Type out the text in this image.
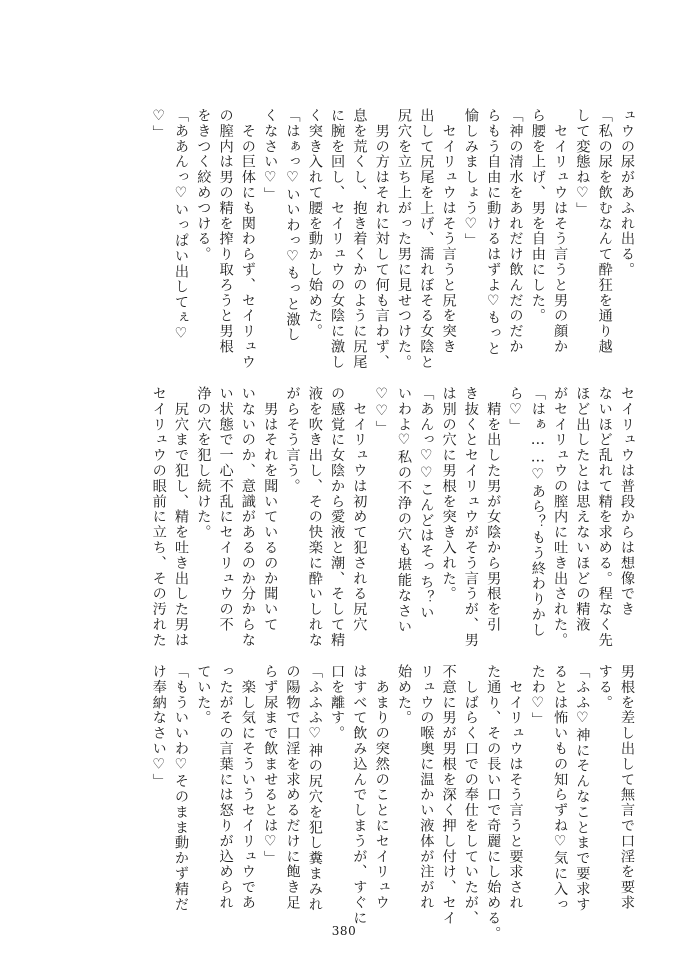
ュウの尿があふれ出る。
「私の尿を飲むなんて酔狂を通り越
して変態ね♡」
　セイリュウはそう言うと男の顔か
ら腰を上げ、男を自由にした。
「神の清水をあれだけ飲んだのだか
らもう自由に動けるはずよ♡もっと
愉しみましょう♡」
　セイリュウはそう言うと尻を突き
出して尻尾を上げ、濡れぼそる女陰と
尻穴を立ち上がった男に見せつけた。
　男の方はそれに対して何も言わず、
息を荒くし、抱き着くかのように尻尾
に腕を回し、セイリュウの女陰に激し
く突き入れて腰を動かし始めた。
「はぁっ♡いいわっ♡もっと激し
くなさい♡」
　その巨体にも関わらず、セイリュウ
の膣内は男の精を搾り取ろうと男根
をきつく絞めつける。
「ああんっ♡いっぱい出してぇ♡
♡」
セイリュウは普段からは想像でき
ないほど乱れて精を求める。程なく先
ほど出したとは思えないほどの精液
がセイリュウの膣内に吐き出された。
「はぁ……♡あら？もう終わりかし
ら♡」
　精を出した男が女陰から男根を引
き抜くとセイリュウがそう言うが、男
は別の穴に男根を突き入れた。
「あんっ♡♡こんどはそっち？い
いわよ♡私の不浄の穴も堪能なさい
♡♡」
　セイリュウは初めて犯される尻穴
の感覚に女陰から愛液と潮、そして精
液を吹き出し、その快楽に酔いしれな
がらそう言う。
　男はそれを聞いているのか聞いて
いないのか、意識があるのか分からな
い状態で一心不乱にセイリュウの不
浄の穴を犯し続けた。
　尻穴まで犯し、精を吐き出した男は
セイリュウの眼前に立ち、その汚れた
男根を差し出して無言で口淫を要求
する。
「ふふ♡神にそんなことまで要求す
るとは怖いもの知らずね♡気に入っ
たわ♡」
　セイリュウはそう言うと要求され
た通り、その長い口で奇麗にし始める。
　しばらく口での奉仕をしていたが、
不意に男が男根を深く押し付け、セイ
リュウの喉奥に温かい液体が注がれ
始めた。
　あまりの突然のことにセイリュウ
はすべて飲み込んでしまうが、すぐに
口を離す。
「ふふふ♡神の尻穴を犯し糞まみれ
の陽物で口淫を求めるだけに飽き足
らず尿まで飲ませるとは♡」
　楽し気にそういうセイリュウであ
ったがその言葉には怒りが込められ
ていた。
「もういいわ♡そのまま動かず精だ
け奉納なさい♡」
380
